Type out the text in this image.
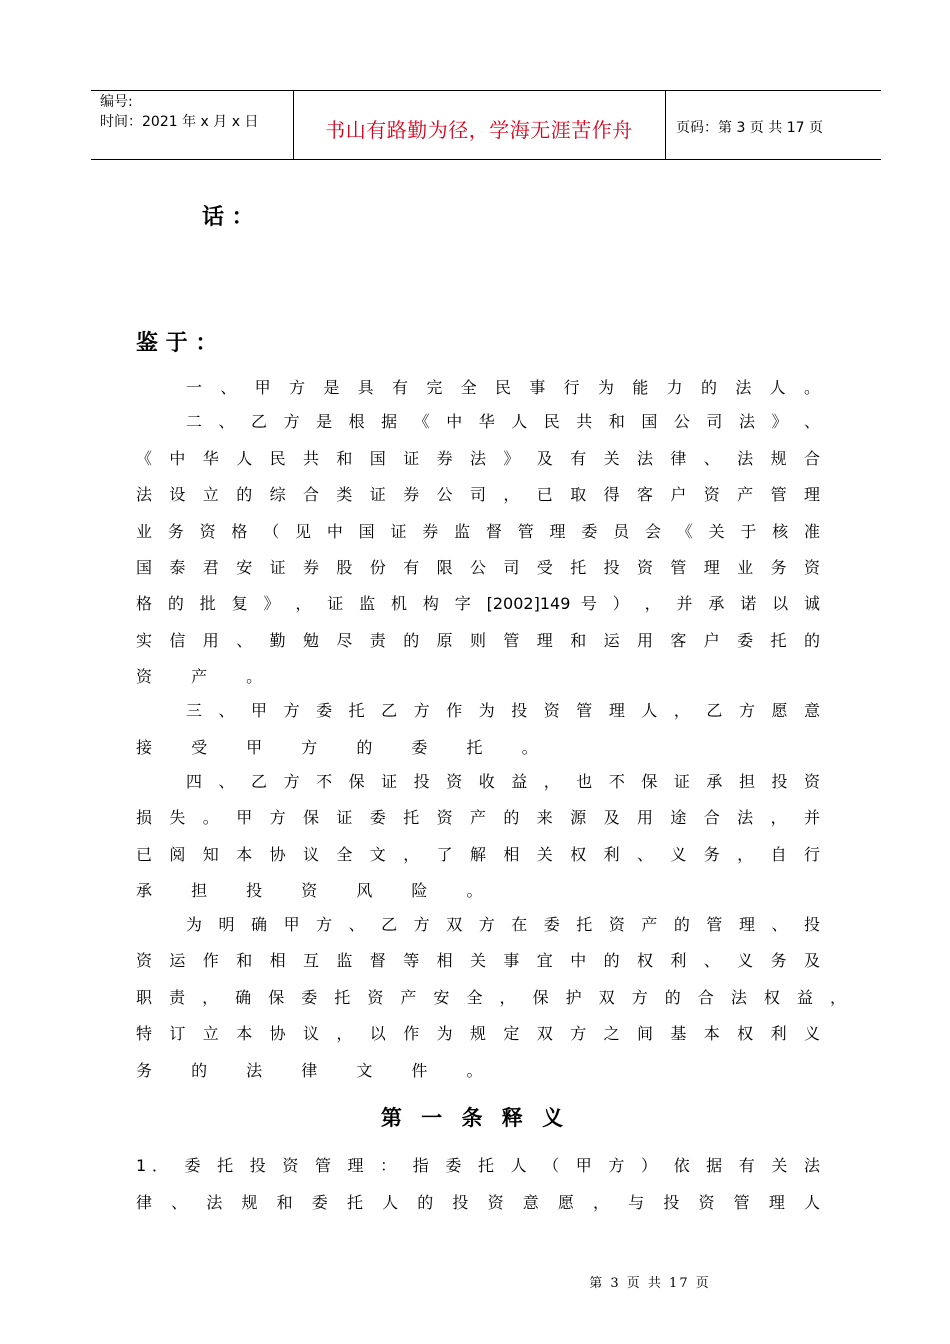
编号:
时间：2021 年 x 月 x 日	书山有路勤为径，学海无涯苦作舟	页码：第 3 页 共 17 页
话 ：
鉴 于 ：
一 、 甲 方 是 具 有 完 全 民 事 行 为 能 力 的 法 人 。
二 、 乙 方 是 根 据 《 中 华 人 民 共 和 国 公 司 法 》 、
《 中 华 人 民 共 和 国 证 券 法 》 及 有 关 法 律 、 法 规 合
法 设 立 的 综 合 类 证 券 公 司 ， 已 取 得 客 户 资 产 管 理
业 务 资 格 （ 见 中 国 证 券 监 督 管 理 委 员 会 《 关 于 核 准
国 泰 君 安 证 券 股 份 有 限 公 司 受 托 投 资 管 理 业 务 资
格 的 批 复 》 ， 证 监 机 构 字 [2002]149 号 ） ， 并 承 诺 以 诚
实 信 用 、 勤 勉 尽 责 的 原 则 管 理 和 运 用 客 户 委 托 的
资 产 。
三 、 甲 方 委 托 乙 方 作 为 投 资 管 理 人 ， 乙 方 愿 意
接 受 甲 方 的 委 托 。
四 、 乙 方 不 保 证 投 资 收 益 ， 也 不 保 证 承 担 投 资
损 失 。 甲 方 保 证 委 托 资 产 的 来 源 及 用 途 合 法 ， 并
已 阅 知 本 协 议 全 文 ， 了 解 相 关 权 利 、 义 务 ， 自 行
承 担 投 资 风 险 。
为 明 确 甲 方 、 乙 方 双 方 在 委 托 资 产 的 管 理 、 投
资 运 作 和 相 互 监 督 等 相 关 事 宜 中 的 权 利 、 义 务 及
职 责 ， 确 保 委 托 资 产 安 全 ， 保 护 双 方 的 合 法 权 益 ，
特 订 立 本 协 议 ， 以 作 为 规 定 双 方 之 间 基 本 权 利 义
务 的 法 律 文 件 。
第 一 条 释 义
1． 委 托 投 资 管 理 ： 指 委 托 人 （ 甲 方 ） 依 据 有 关 法
律 、 法 规 和 委 托 人 的 投 资 意 愿 ， 与 投 资 管 理 人
第 3 页 共 17 页
